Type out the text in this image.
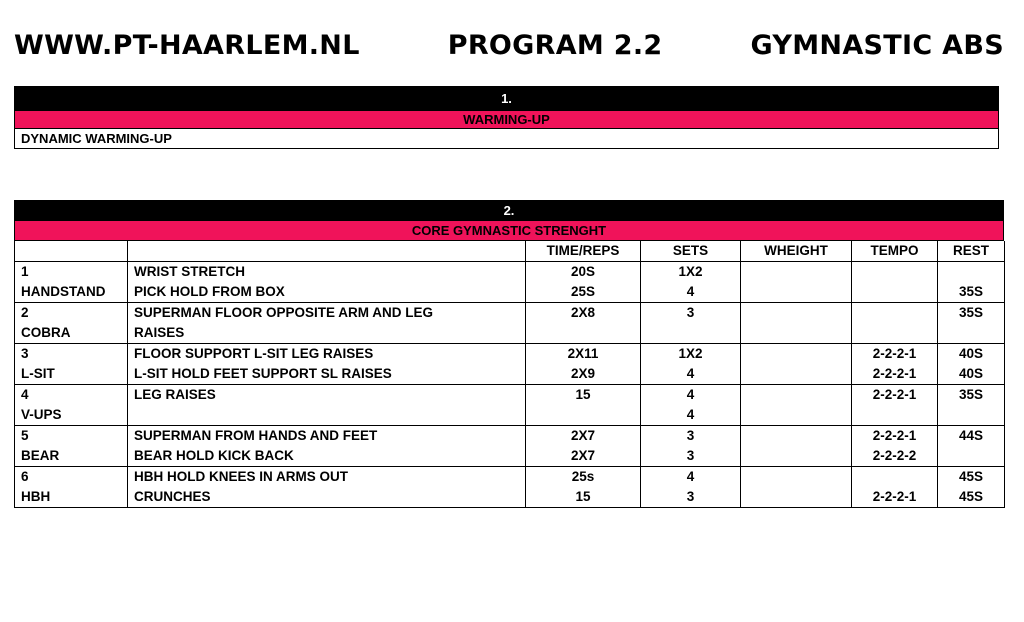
WWW.PT-HAARLEM.NL	PROGRAM 2.2	GYMNASTIC ABS
1.
WARMING-UP
DYNAMIC WARMING-UP
2.
CORE GYMNASTIC STRENGHT
		TIME/REPS	SETS	WHEIGHT	TEMPO	REST
1	WRIST STRETCH	20S	1X2			
HANDSTAND	PICK HOLD FROM BOX	25S	4			35S
2	SUPERMAN FLOOR OPPOSITE ARM AND LEG	2X8	3			35S
COBRA	RAISES					
3	FLOOR SUPPORT L-SIT LEG RAISES	2X11	1X2		2-2-2-1	40S
L-SIT	L-SIT HOLD FEET SUPPORT SL RAISES	2X9	4		2-2-2-1	40S
4	LEG RAISES	15	4		2-2-2-1	35S
V-UPS			4			
5	SUPERMAN FROM HANDS AND FEET	2X7	3		2-2-2-1	44S
BEAR	BEAR HOLD KICK BACK	2X7	3		2-2-2-2	
6	HBH HOLD KNEES IN ARMS OUT	25s	4			45S
HBH	CRUNCHES	15	3		2-2-2-1	45S
